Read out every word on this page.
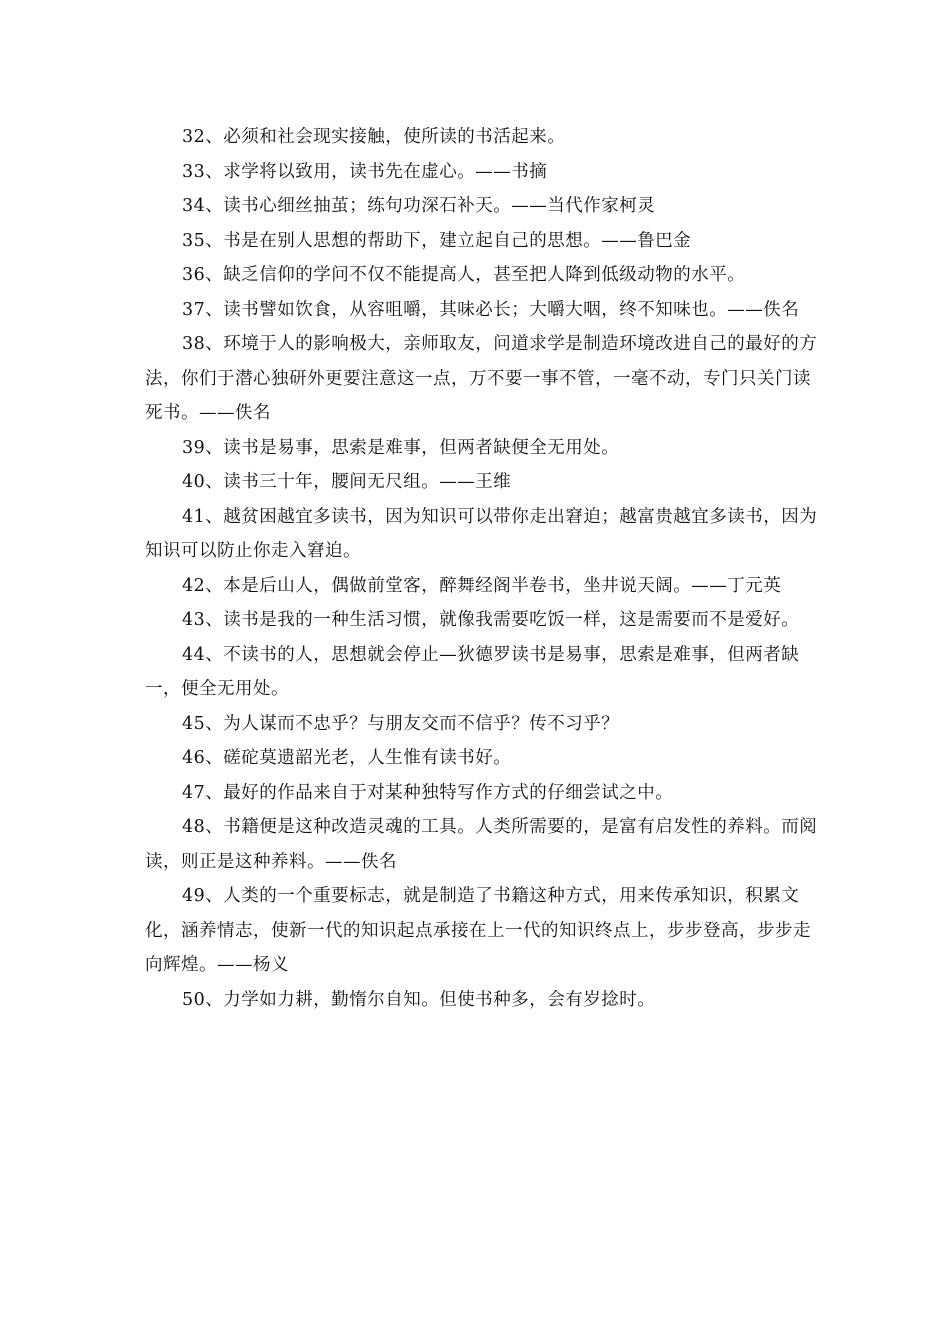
32、必须和社会现实接触，使所读的书活起来。

33、求学将以致用，读书先在虚心。——书摘

34、读书心细丝抽茧；练句功深石补天。——当代作家柯灵

35、书是在别人思想的帮助下，建立起自己的思想。——鲁巴金

36、缺乏信仰的学问不仅不能提高人，甚至把人降到低级动物的水平。

37、读书譬如饮食，从容咀嚼，其味必长；大嚼大咽，终不知味也。——佚名

38、环境于人的影响极大，亲师取友，问道求学是制造环境改进自己的最好的方法，你们于潜心独研外更要注意这一点，万不要一事不管，一毫不动，专门只关门读死书。——佚名

39、读书是易事，思索是难事，但两者缺便全无用处。

40、读书三十年，腰间无尺组。——王维

41、越贫困越宜多读书，因为知识可以带你走出窘迫；越富贵越宜多读书，因为知识可以防止你走入窘迫。

42、本是后山人，偶做前堂客，醉舞经阁半卷书，坐井说天阔。——丁元英

43、读书是我的一种生活习惯，就像我需要吃饭一样，这是需要而不是爱好。

44、不读书的人，思想就会停止—狄德罗读书是易事，思索是难事，但两者缺一，便全无用处。

45、为人谋而不忠乎？与朋友交而不信乎？传不习乎？

46、磋砣莫遗韶光老，人生惟有读书好。

47、最好的作品来自于对某种独特写作方式的仔细尝试之中。

48、书籍便是这种改造灵魂的工具。人类所需要的，是富有启发性的养料。而阅读，则正是这种养料。——佚名

49、人类的一个重要标志，就是制造了书籍这种方式，用来传承知识，积累文化，涵养情志，使新一代的知识起点承接在上一代的知识终点上，步步登高，步步走向辉煌。——杨义

50、力学如力耕，勤惰尔自知。但使书种多，会有岁捻时。
